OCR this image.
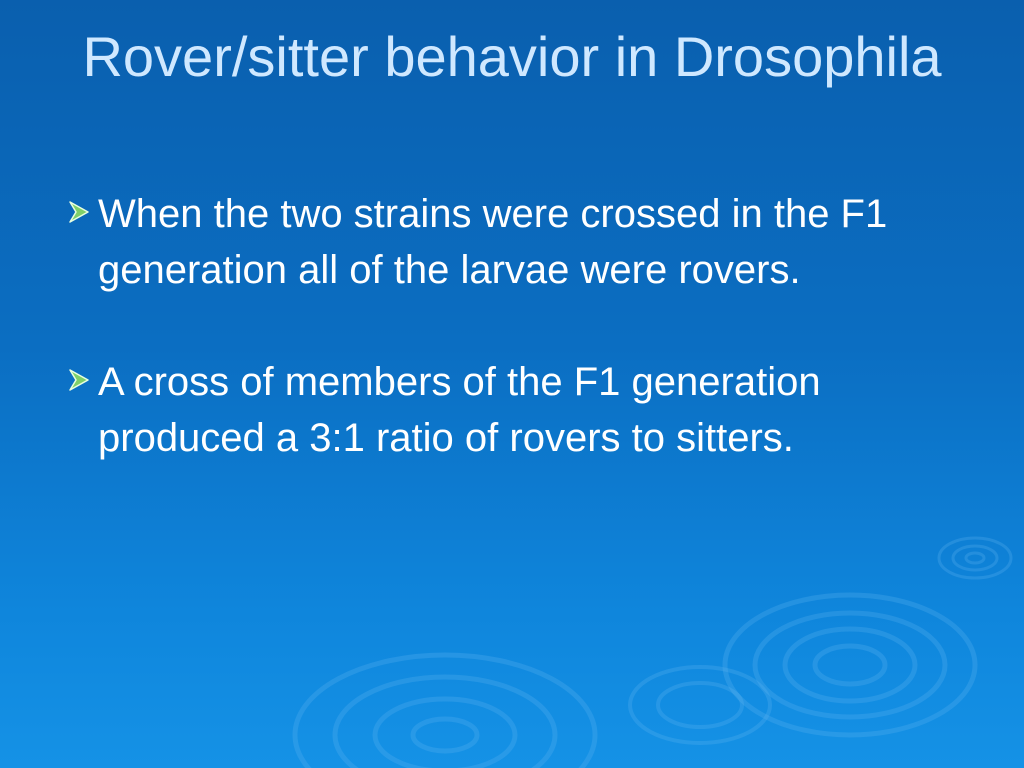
Rover/sitter behavior in Drosophila
When the two strains were crossed in the F1 generation all of the larvae were rovers.
A cross of members of the F1 generation produced a 3:1 ratio of rovers to sitters.
